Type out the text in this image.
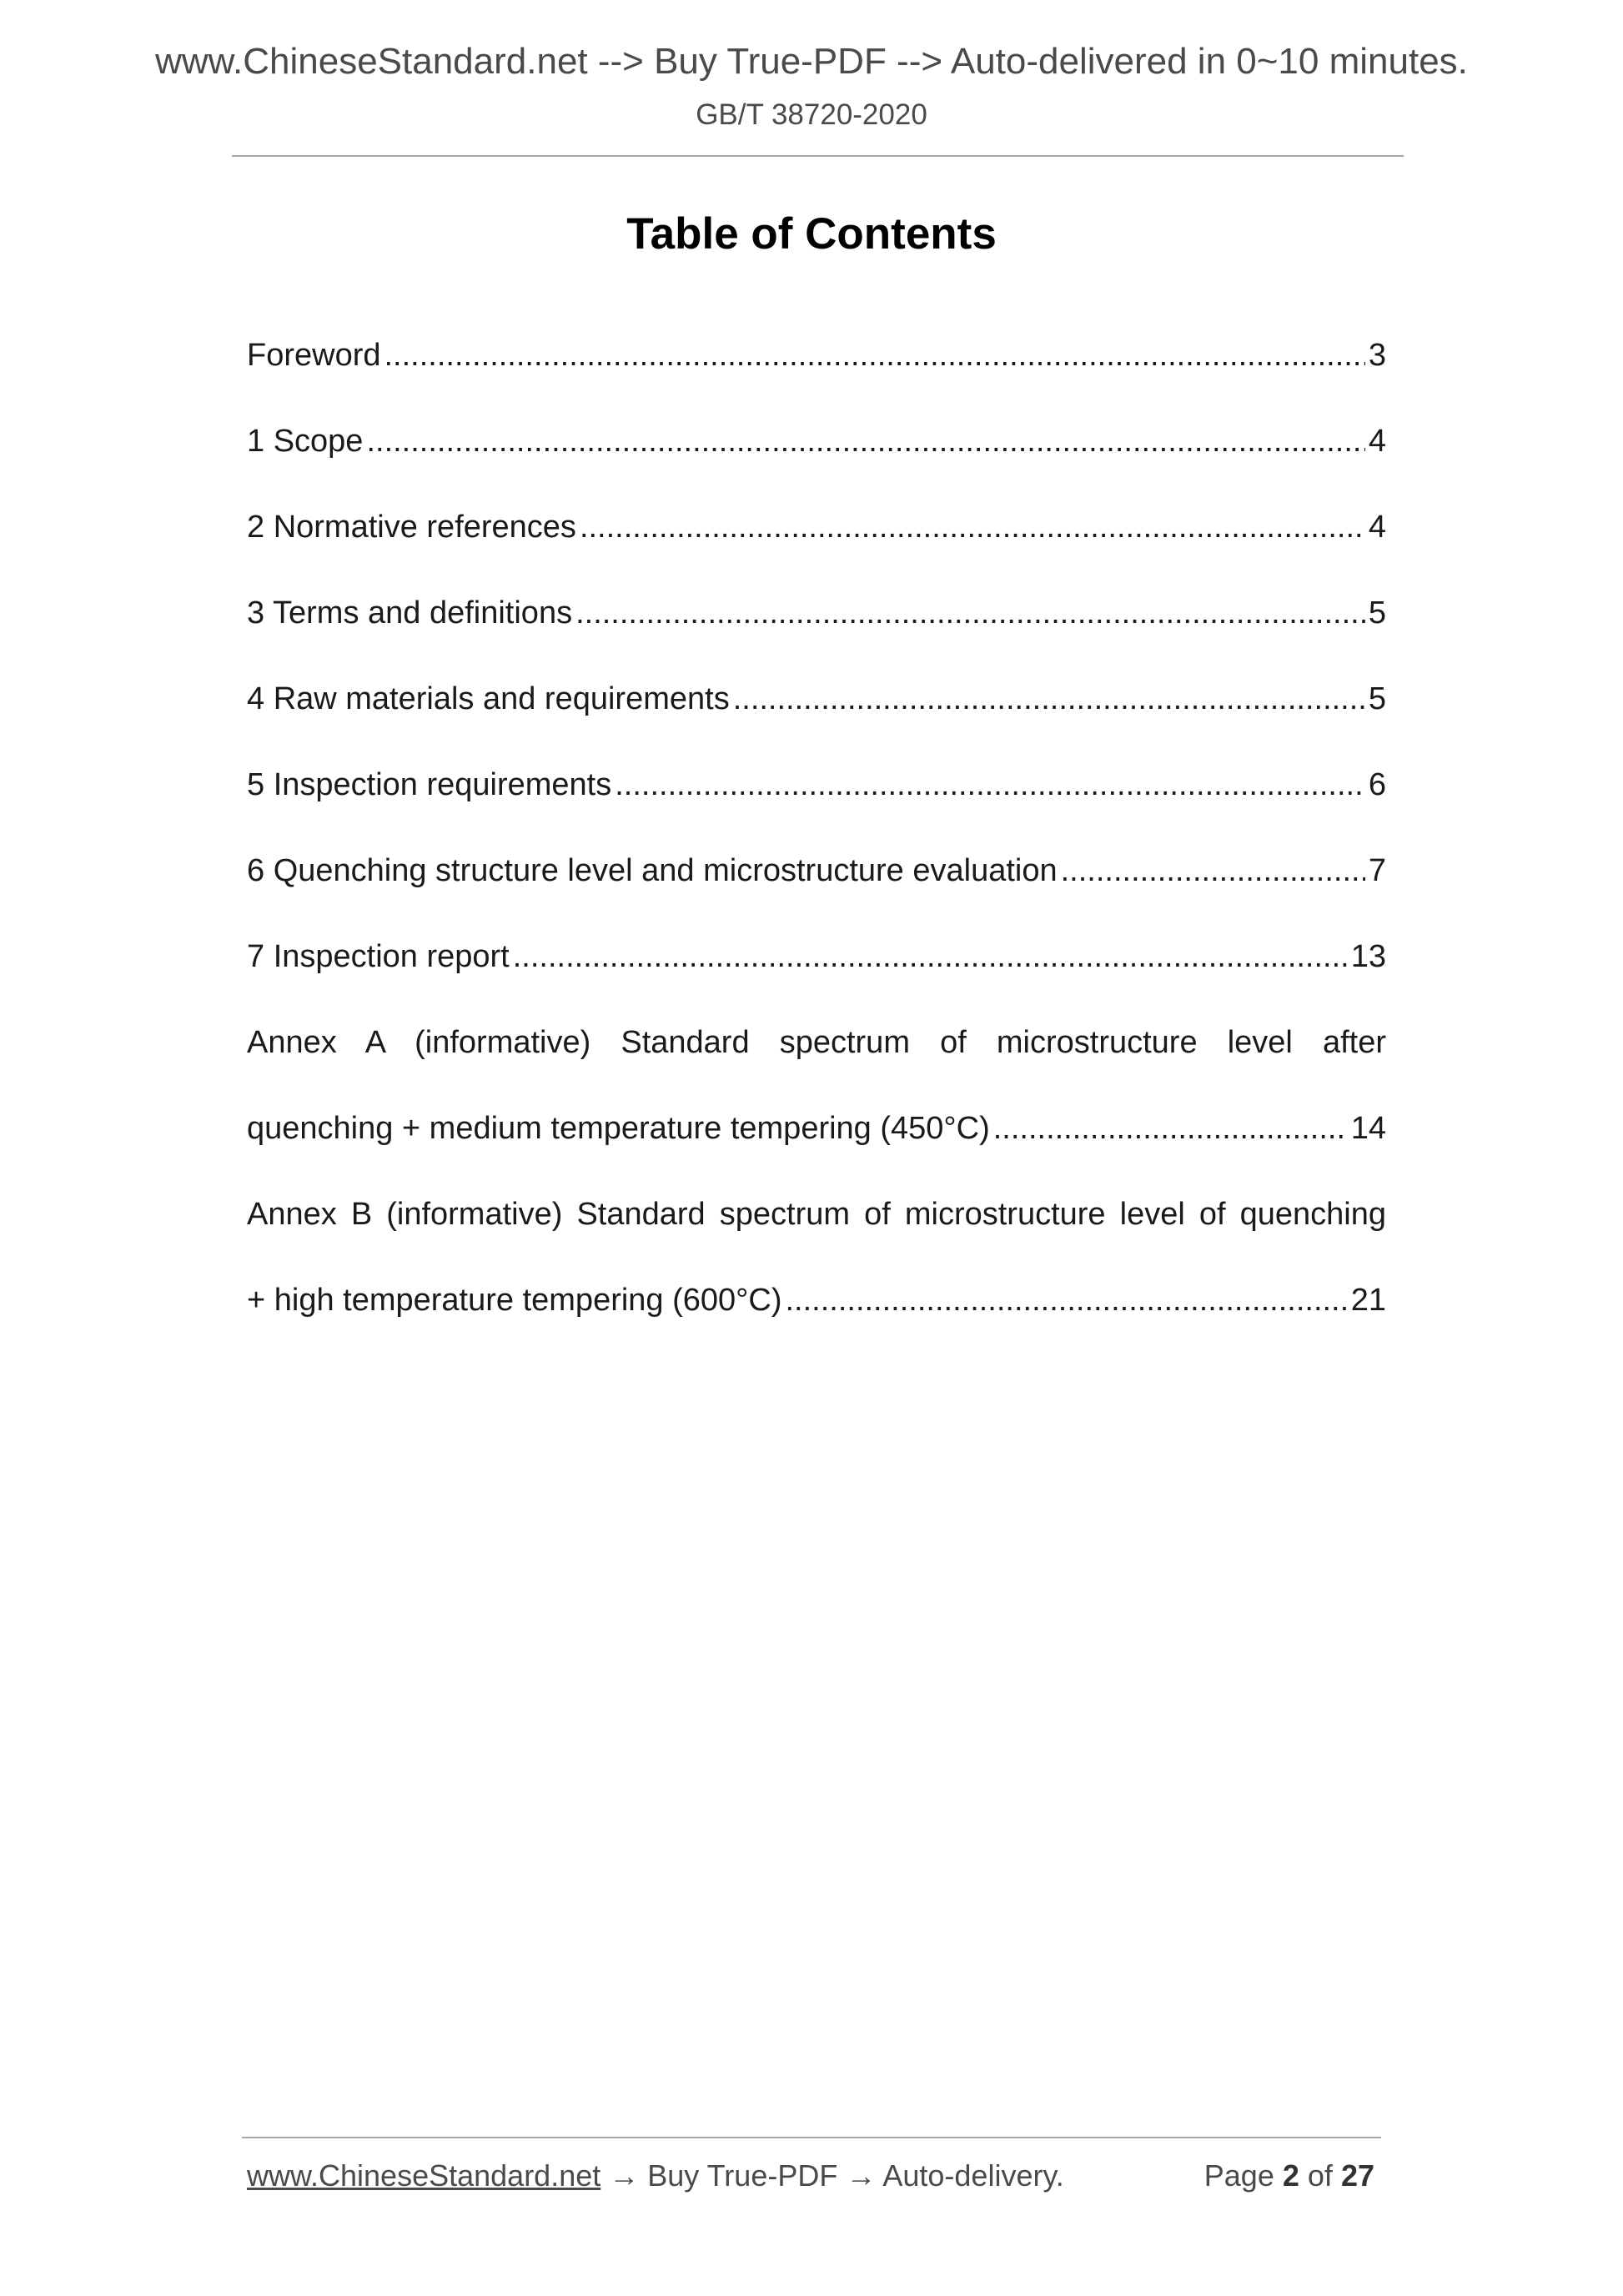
www.ChineseStandard.net --> Buy True-PDF --> Auto-delivered in 0~10 minutes.
GB/T 38720-2020
Table of Contents
Foreword .....	3
1 Scope .....	4
2 Normative references .....	4
3 Terms and definitions .....	5
4 Raw materials and requirements .....	5
5 Inspection requirements .....	6
6 Quenching structure level and microstructure evaluation .....	7
7 Inspection report .....	13
Annex A (informative) Standard spectrum of microstructure level after
quenching + medium temperature tempering (450°C) .....	14
Annex B (informative) Standard spectrum of microstructure level of quenching
+ high temperature tempering (600°C) .....	21
www.ChineseStandard.net → Buy True-PDF → Auto-delivery.	Page 2 of 27
